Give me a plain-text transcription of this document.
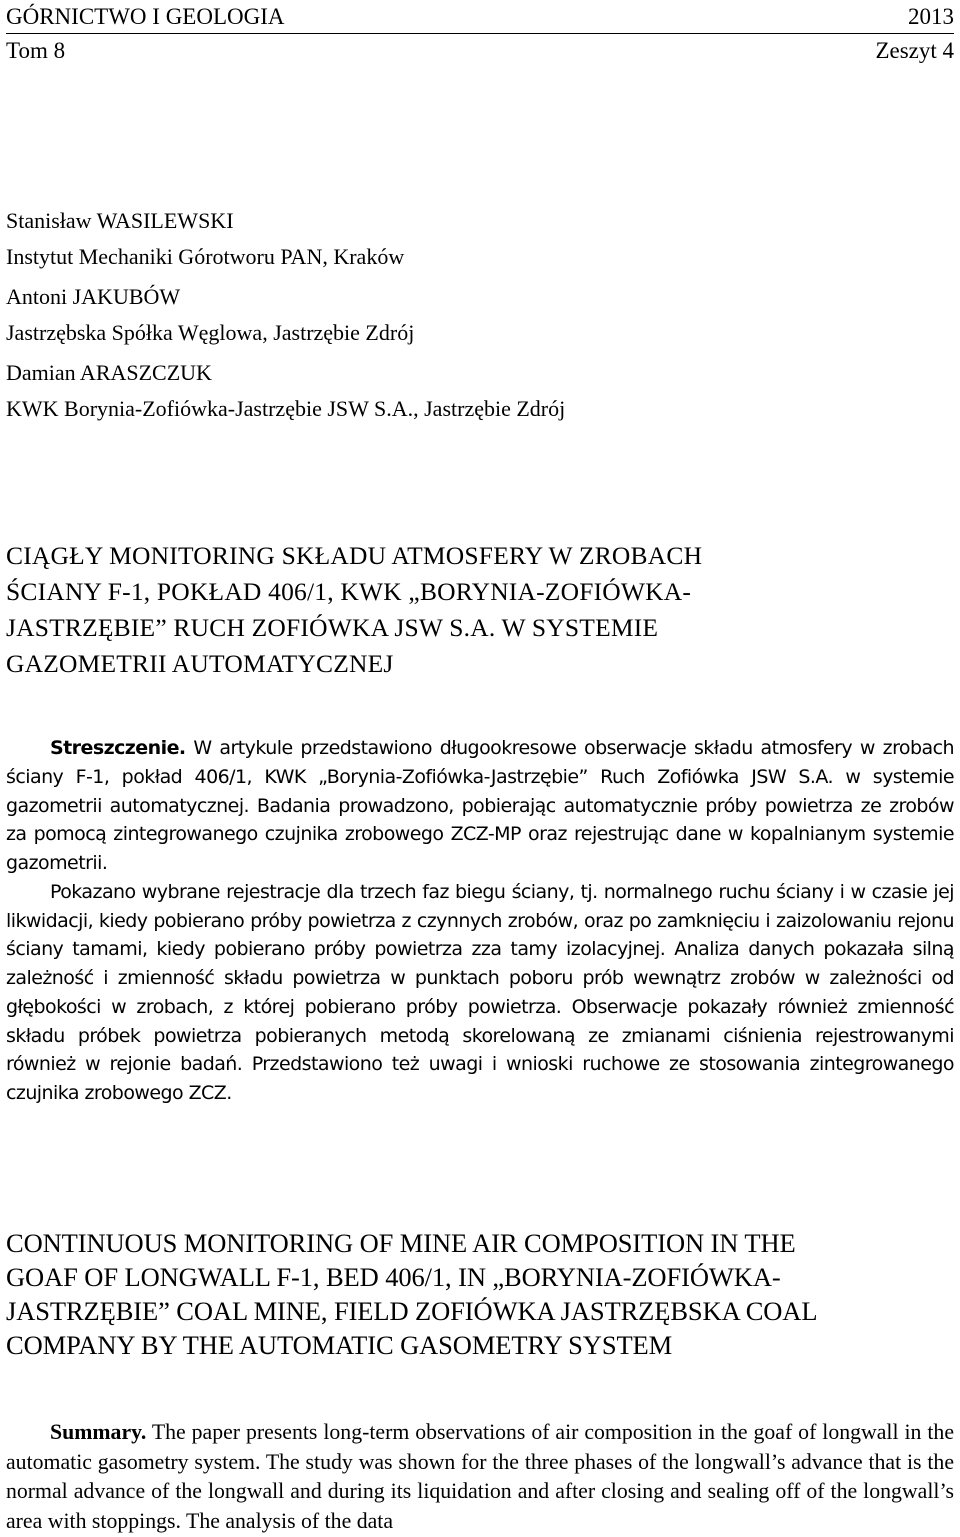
GÓRNICTWO I GEOLOGIA	2013
Tom 8	Zeszyt 4
Stanisław WASILEWSKI
Instytut Mechaniki Górotworu PAN, Kraków
Antoni JAKUBÓW
Jastrzębska Spółka Węglowa, Jastrzębie Zdrój
Damian ARASZCZUK
KWK Borynia-Zofiówka-Jastrzębie JSW S.A., Jastrzębie Zdrój
CIĄGŁY MONITORING SKŁADU ATMOSFERY W ZROBACH
ŚCIANY F-1, POKŁAD 406/1, KWK „BORYNIA-ZOFIÓWKA-
JASTRZĘBIE” RUCH ZOFIÓWKA JSW S.A. W SYSTEMIE
GAZOMETRII AUTOMATYCZNEJ

Streszczenie. W artykule przedstawiono długookresowe obserwacje składu atmosfery w zrobach ściany F-1, pokład 406/1, KWK „Borynia-Zofiówka-Jastrzębie” Ruch Zofiówka JSW S.A. w systemie gazometrii automatycznej. Badania prowadzono, pobierając automatycznie próby powietrza ze zrobów za pomocą zintegrowanego czujnika zrobowego ZCZ-MP oraz rejestrując dane w kopalnianym systemie gazometrii.

Pokazano wybrane rejestracje dla trzech faz biegu ściany, tj. normalnego ruchu ściany i w czasie jej likwidacji, kiedy pobierano próby powietrza z czynnych zrobów, oraz po zamknięciu i zaizolowaniu rejonu ściany tamami, kiedy pobierano próby powietrza zza tamy izolacyjnej. Analiza danych pokazała silną zależność i zmienność składu powietrza w punktach poboru prób wewnątrz zrobów w zależności od głębokości w zrobach, z której pobierano próby powietrza. Obserwacje pokazały również zmienność składu próbek powietrza pobieranych metodą skorelowaną ze zmianami ciśnienia rejestrowanymi również w rejonie badań. Przedstawiono też uwagi i wnioski ruchowe ze stosowania zintegrowanego czujnika zrobowego ZCZ.

CONTINUOUS MONITORING OF MINE AIR COMPOSITION IN THE
GOAF OF LONGWALL F-1, BED 406/1, IN „BORYNIA-ZOFIÓWKA-
JASTRZĘBIE” COAL MINE, FIELD ZOFIÓWKA JASTRZĘBSKA COAL
COMPANY BY THE AUTOMATIC GASOMETRY SYSTEM

Summary. The paper presents long-term observations of air composition in the goaf of longwall in the automatic gasometry system. The study was shown for the three phases of the longwall’s advance that is the normal advance of the longwall and during its liquidation and after closing and sealing off of the longwall’s area with stoppings. The analysis of the data
